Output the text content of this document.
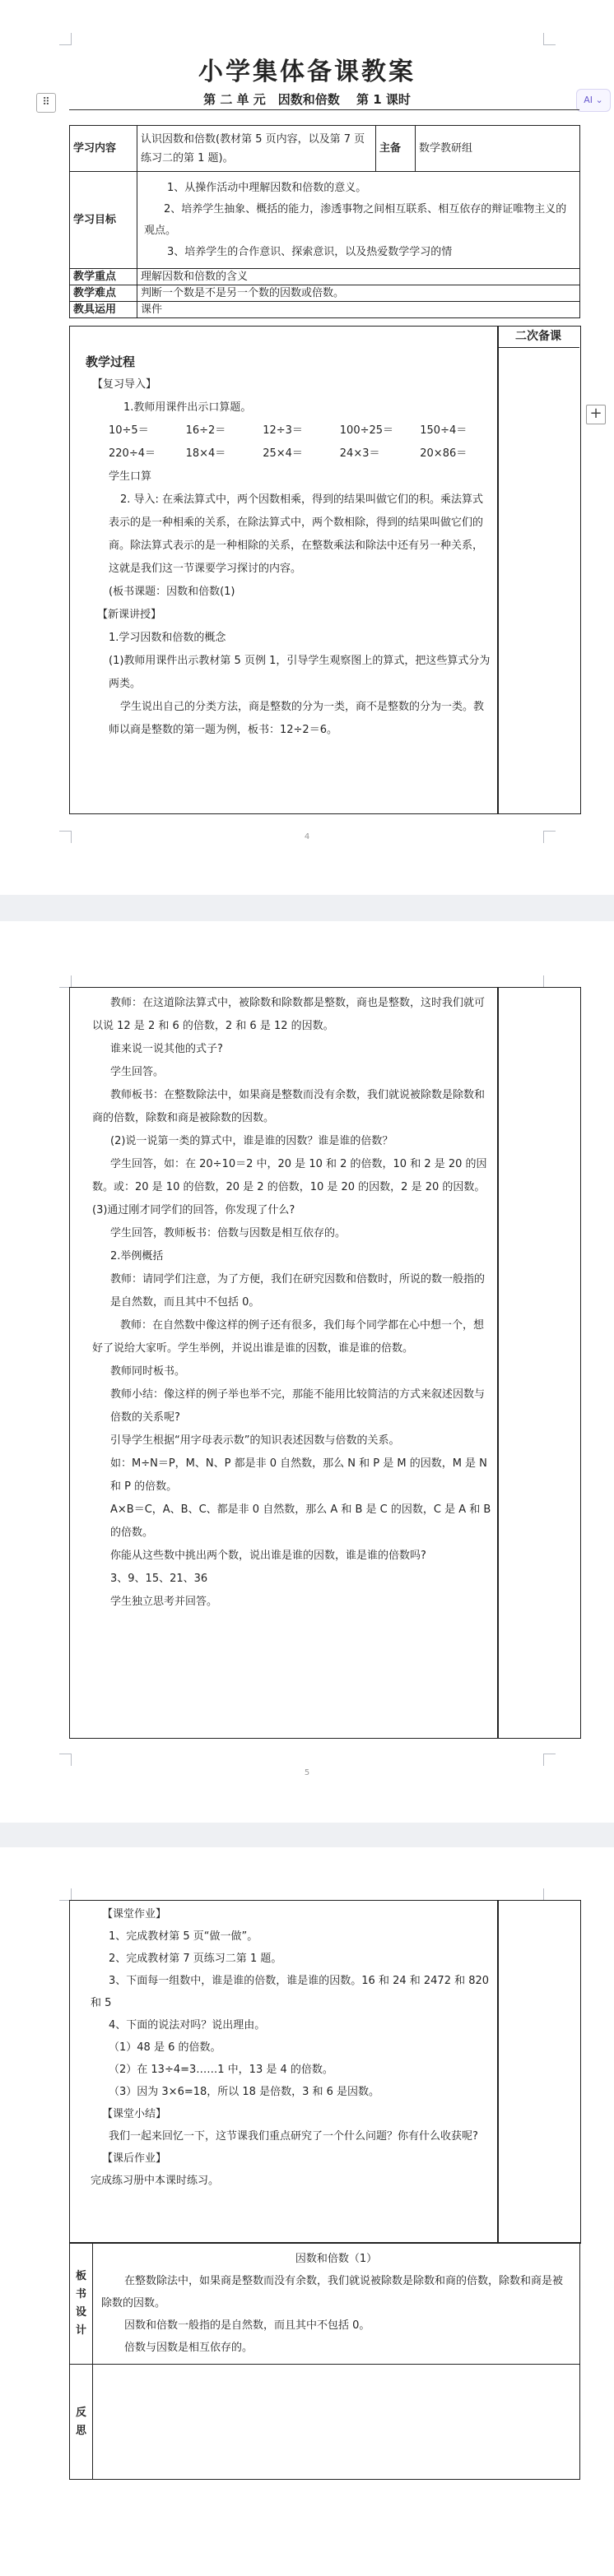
小学集体备课教案
⠿	AI ⌄
第 二 单 元　因数和倍数　 第 1 课时
+
学习内容	认识因数和倍数(教材第 5 页内容，以及第 7 页练习二的第 1 题)。	主备	数学教研组
学习目标	1、从操作活动中理解因数和倍数的意义。
2、培养学生抽象、概括的能力，渗透事物之间相互联系、相互依存的辩证唯物主义的观点。
3、培养学生的合作意识、探索意识，以及热爱数学学习的情		

教学重点	理解因数和倍数的含义		
教学难点	判断一个数是不是另一个数的因数或倍数。		
教具运用	课件		
二次备课

教学过程

【复习导入】

1.教师用课件出示口算题。

10÷5＝	16÷2＝	12÷3＝	100÷25＝	150÷4＝
220÷4＝	18×4＝	25×4＝	24×3＝	20×86＝

学生口算

2. 导入: 在乘法算式中，两个因数相乘，得到的结果叫做它们的积。乘法算式表示的是一种相乘的关系，在除法算式中，两个数相除，得到的结果叫做它们的商。除法算式表示的是一种相除的关系，在整数乘法和除法中还有另一种关系，这就是我们这一节课要学习探讨的内容。

(板书课题：因数和倍数(1)

【新课讲授】

1.学习因数和倍数的概念

(1)教师用课件出示教材第 5 页例 1，引导学生观察图上的算式，把这些算式分为两类。

学生说出自己的分类方法，商是整数的分为一类，商不是整数的分为一类。教师以商是整数的第一题为例，板书：12÷2＝6。

4

教师：在这道除法算式中，被除数和除数都是整数，商也是整数，这时我们就可以说 12 是 2 和 6 的倍数，2 和 6 是 12 的因数。

谁来说一说其他的式子?

学生回答。

教师板书：在整数除法中，如果商是整数而没有余数，我们就说被除数是除数和商的倍数，除数和商是被除数的因数。

(2)说一说第一类的算式中，谁是谁的因数？谁是谁的倍数？

学生回答，如：在 20÷10＝2 中，20 是 10 和 2 的倍数，10 和 2 是 20 的因数。或：20 是 10 的倍数，20 是 2 的倍数，10 是 20 的因数，2 是 20 的因数。(3)通过刚才同学们的回答，你发现了什么?

学生回答，教师板书：倍数与因数是相互依存的。

2.举例概括

教师：请同学们注意，为了方便，我们在研究因数和倍数时，所说的数一般指的是自然数，而且其中不包括 0。

教师：在自然数中像这样的例子还有很多，我们每个同学都在心中想一个，想好了说给大家听。学生举例，并说出谁是谁的因数，谁是谁的倍数。

教师同时板书。

教师小结：像这样的例子举也举不完，那能不能用比较简洁的方式来叙述因数与倍数的关系呢?

引导学生根据“用字母表示数”的知识表述因数与倍数的关系。

如：M÷N＝P，M、N、P 都是非 0 自然数，那么 N 和 P 是 M 的因数，M 是 N 和 P 的倍数。

A×B＝C，A、B、C、都是非 0 自然数，那么 A 和 B 是 C 的因数，C 是 A 和 B 的倍数。

你能从这些数中挑出两个数，说出谁是谁的因数，谁是谁的倍数吗?

3、9、15、21、36

学生独立思考并回答。

5

【课堂作业】

1、完成教材第 5 页“做一做”。

2、完成教材第 7 页练习二第 1 题。

3、下面每一组数中，谁是谁的倍数，谁是谁的因数。16 和 24 和 2472 和 820 和 5

4、下面的说法对吗？说出理由。

（1）48 是 6 的倍数。

（2）在 13÷4=3……1 中，13 是 4 的倍数。

（3）因为 3×6=18，所以 18 是倍数，3 和 6 是因数。

【课堂小结】

我们一起来回忆一下，这节课我们重点研究了一个什么问题？你有什么收获呢?

【课后作业】

完成练习册中本课时练习。

板书设计	因数和倍数（1）
在整数除法中，如果商是整数而没有余数，我们就说被除数是除数和商的倍数，除数和商是被除数的因数。
因数和倍数一般指的是自然数，而且其中不包括 0。
倍数与因数是相互依存的。

反思	
